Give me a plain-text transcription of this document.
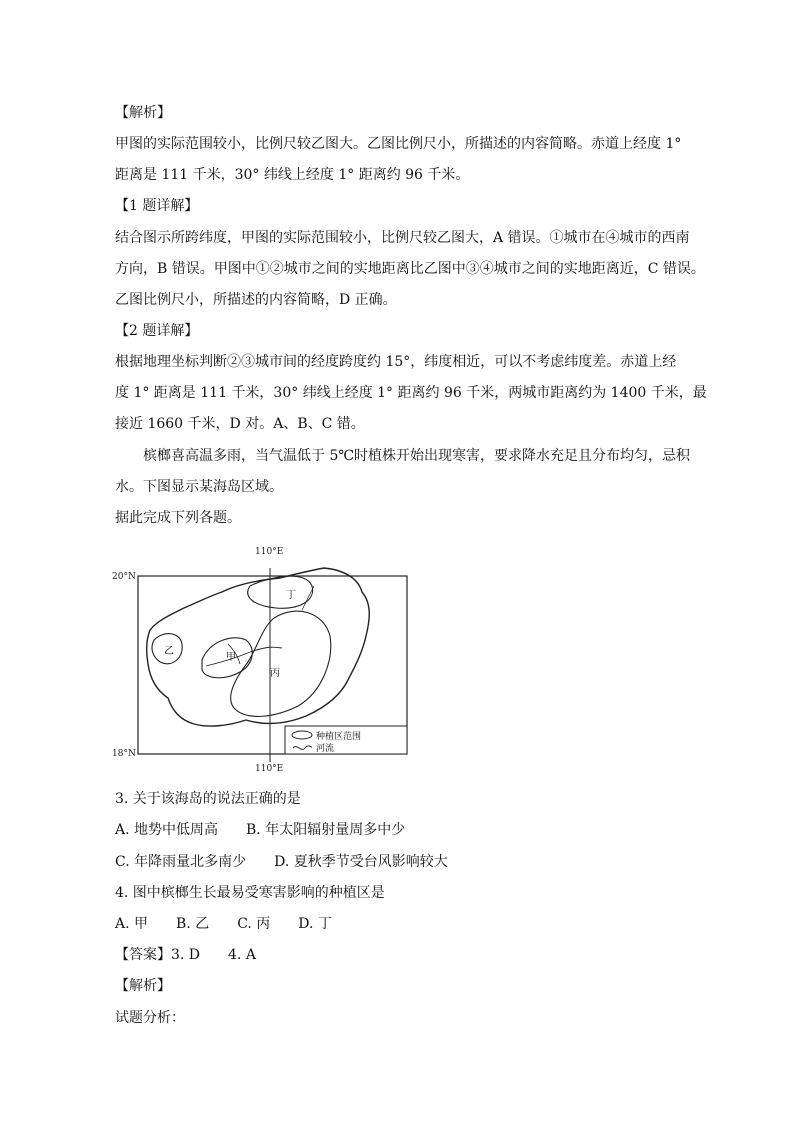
【解析】
甲图的实际范围较小，比例尺较乙图大。乙图比例尺小，所描述的内容简略。赤道上经度 1°
距离是 111 千米，30° 纬线上经度 1° 距离约 96 千米。
【1 题详解】
结合图示所跨纬度，甲图的实际范围较小，比例尺较乙图大，A 错误。①城市在④城市的西南
方向，B 错误。甲图中①②城市之间的实地距离比乙图中③④城市之间的实地距离近，C 错误。
乙图比例尺小，所描述的内容简略，D 正确。
【2 题详解】
根据地理坐标判断②③城市间的经度跨度约 15°，纬度相近，可以不考虑纬度差。赤道上经
度 1° 距离是 111 千米，30° 纬线上经度 1° 距离约 96 千米，两城市距离约为 1400 千米，最
接近 1660 千米，D 对。A、B、C 错。
槟榔喜高温多雨，当气温低于 5℃时植株开始出现寒害，要求降水充足且分布均匀，忌积
水。下图显示某海岛区域。
据此完成下列各题。
110°E
110°E
20°N
18°N
甲
乙
丙
丁
种植区范围
河流
3. 关于该海岛的说法正确的是
A. 地势中低周高　　B. 年太阳辐射量周多中少
C. 年降雨量北多南少　　D. 夏秋季节受台风影响较大
4. 图中槟榔生长最易受寒害影响的种植区是
A. 甲　　B. 乙　　C. 丙　　D. 丁
【答案】3. D　　4. A
【解析】
试题分析：
